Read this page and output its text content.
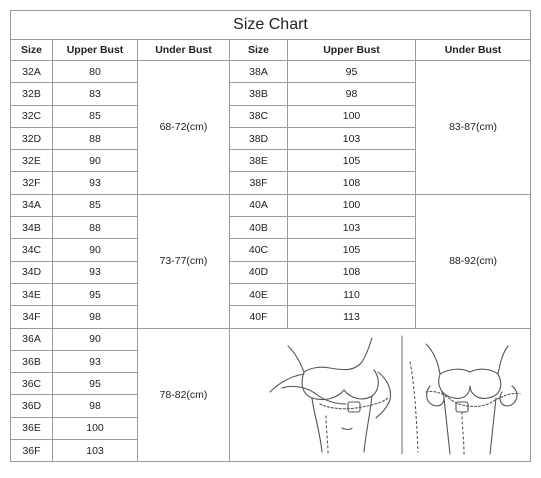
Size Chart					
Size	Upper Bust	Under Bust	Size	Upper Bust	Under Bust
32A	80	68-72(cm)	38A	95	83-87(cm)
32B	83		38B	98	
32C	85		38C	100	
32D	88		38D	103	
32E	90		38E	105	
32F	93		38F	108	
34A	85	73-77(cm)	40A	100	88-92(cm)
34B	88		40B	103	
34C	90		40C	105	
34D	93		40D	108	
34E	95		40E	110	
34F	98		40F	113	
36A	90	78-82(cm)	

36B	93				
36C	95				
36D	98				
36E	100				
36F	103				
